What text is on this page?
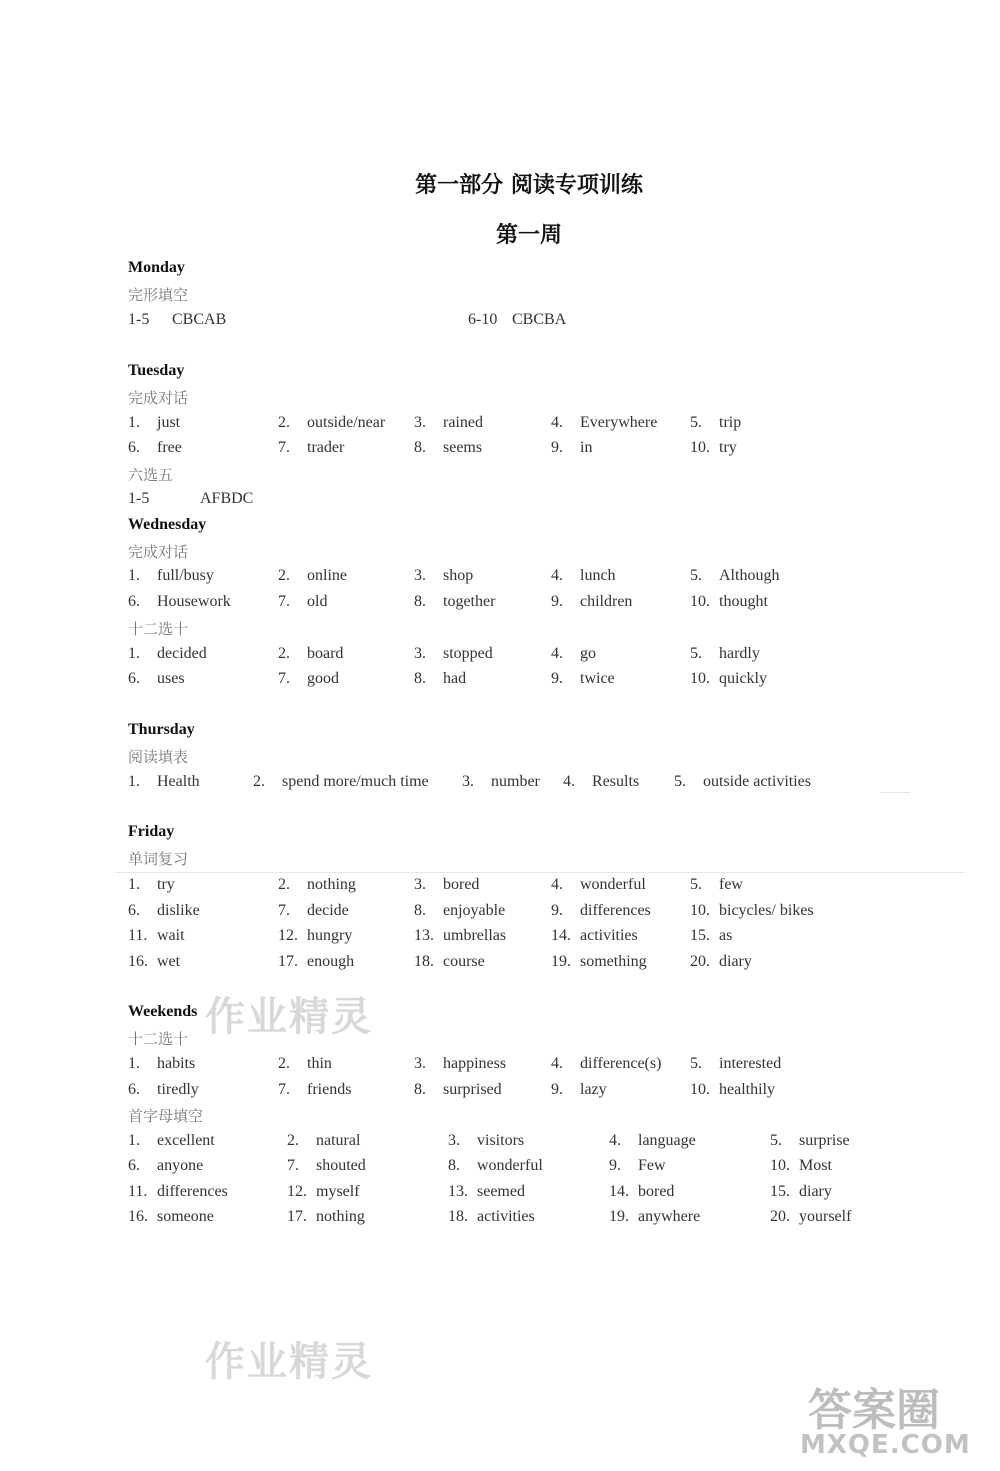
第一部分 阅读专项训练
第一周
Monday
完形填空
1-5 CBCAB	6-10 CBCBA
Tuesday
完成对话
1. just	2. outside/near 3. rained	4. Everywhere 5. trip
6. free	7. trader	8. seems	9. in	10. try
六选五
1-5	AFBDC
Wednesday
完成对话
1. full/busy	2. online	3. shop	4. lunch	5. Although
6. Housework	7. old	8. together	9. children	10. thought
十二选十
1. decided	2. board	3. stopped	4. go	5. hardly
6. uses	7. good	8. had	9. twice	10. quickly
Thursday
阅读填表
1. Health	2. spend more/much time 3. number 4. Results 5. outside activities
Friday
单词复习
1. try	2. nothing	3. bored	4. wonderful	5. few
6. dislike	7. decide	8. enjoyable	9. differences 10. bicycles/ bikes
11. wait	12. hungry	13. umbrellas	14. activities	15. as
16. wet	17. enough	18. course	19. something	20. diary
作业精灵
Weekends
十二选十
1. habits	2. thin	3. happiness	4. difference(s) 5. interested
6. tiredly	7. friends	8. surprised	9. lazy	10. healthily
首字母填空
1. excellent	2. natural	3. visitors	4. language	5. surprise
6. anyone	7. shouted	8. wonderful	9. Few	10. Most
11. differences	12. myself	13. seemed	14. bored	15. diary
16. someone	17. nothing	18. activities	19. anywhere	20. yourself
作业精灵
答案圈
MXQE.COM
